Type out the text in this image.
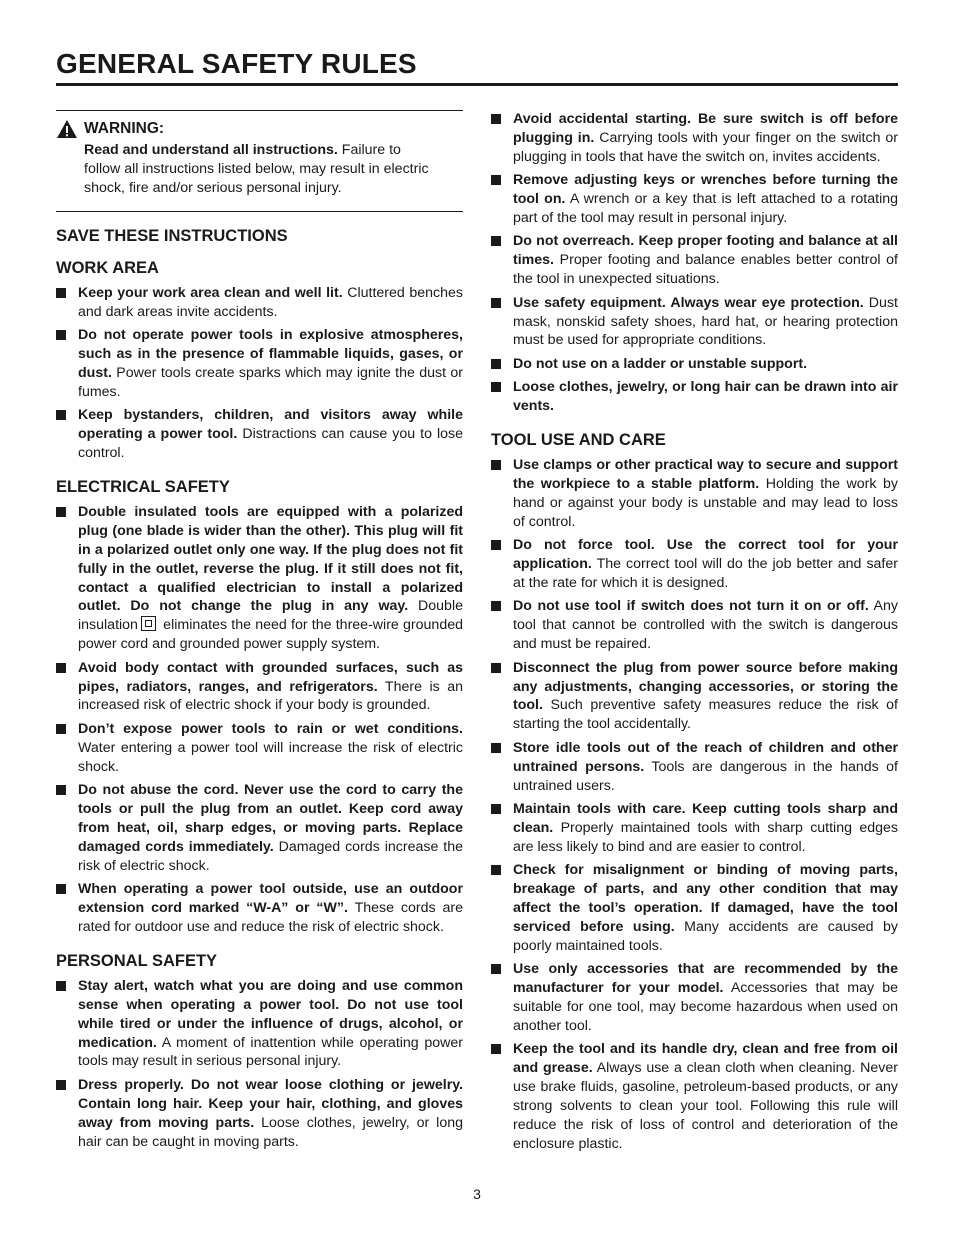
GENERAL SAFETY RULES
WARNING:
Read and understand all instructions. Failure to follow all instructions listed below, may result in electric shock, fire and/or serious personal injury.
SAVE THESE INSTRUCTIONS
WORK AREA
Keep your work area clean and well lit. Cluttered benches and dark areas invite accidents.
Do not operate power tools in explosive atmospheres, such as in the presence of flammable liquids, gases, or dust. Power tools create sparks which may ignite the dust or fumes.
Keep bystanders, children, and visitors away while operating a power tool. Distractions can cause you to lose control.
ELECTRICAL SAFETY
Double insulated tools are equipped with a polarized plug (one blade is wider than the other). This plug will fit in a polarized outlet only one way. If the plug does not fit fully in the outlet, reverse the plug. If it still does not fit, contact a qualified electrician to install a polarized outlet. Do not change the plug in any way. Double insulation eliminates the need for the three-wire grounded power cord and grounded power supply system.
Avoid body contact with grounded surfaces, such as pipes, radiators, ranges, and refrigerators. There is an increased risk of electric shock if your body is grounded.
Don’t expose power tools to rain or wet conditions. Water entering a power tool will increase the risk of electric shock.
Do not abuse the cord. Never use the cord to carry the tools or pull the plug from an outlet. Keep cord away from heat, oil, sharp edges, or moving parts. Replace damaged cords immediately. Damaged cords increase the risk of electric shock.
When operating a power tool outside, use an outdoor extension cord marked “W-A” or “W”. These cords are rated for outdoor use and reduce the risk of electric shock.
PERSONAL SAFETY
Stay alert, watch what you are doing and use common sense when operating a power tool. Do not use tool while tired or under the influence of drugs, alcohol, or medication. A moment of inattention while operating power tools may result in serious personal injury.
Dress properly. Do not wear loose clothing or jewelry. Contain long hair. Keep your hair, clothing, and gloves away from moving parts. Loose clothes, jewelry, or long hair can be caught in moving parts.
Avoid accidental starting. Be sure switch is off before plugging in. Carrying tools with your finger on the switch or plugging in tools that have the switch on, invites accidents.
Remove adjusting keys or wrenches before turning the tool on. A wrench or a key that is left attached to a rotating part of the tool may result in personal injury.
Do not overreach. Keep proper footing and balance at all times. Proper footing and balance enables better control of the tool in unexpected situations.
Use safety equipment. Always wear eye protection. Dust mask, nonskid safety shoes, hard hat, or hearing protection must be used for appropriate conditions.
Do not use on a ladder or unstable support.
Loose clothes, jewelry, or long hair can be drawn into air vents.
TOOL USE AND CARE
Use clamps or other practical way to secure and support the workpiece to a stable platform. Holding the work by hand or against your body is unstable and may lead to loss of control.
Do not force tool. Use the correct tool for your application. The correct tool will do the job better and safer at the rate for which it is designed.
Do not use tool if switch does not turn it on or off. Any tool that cannot be controlled with the switch is dangerous and must be repaired.
Disconnect the plug from power source before making any adjustments, changing accessories, or storing the tool. Such preventive safety measures reduce the risk of starting the tool accidentally.
Store idle tools out of the reach of children and other untrained persons. Tools are dangerous in the hands of untrained users.
Maintain tools with care. Keep cutting tools sharp and clean. Properly maintained tools with sharp cutting edges are less likely to bind and are easier to control.
Check for misalignment or binding of moving parts, breakage of parts, and any other condition that may affect the tool’s operation. If damaged, have the tool serviced before using. Many accidents are caused by poorly maintained tools.
Use only accessories that are recommended by the manufacturer for your model. Accessories that may be suitable for one tool, may become hazardous when used on another tool.
Keep the tool and its handle dry, clean and free from oil and grease. Always use a clean cloth when cleaning. Never use brake fluids, gasoline, petroleum-based products, or any strong solvents to clean your tool. Following this rule will reduce the risk of loss of control and deterioration of the enclosure plastic.
3
